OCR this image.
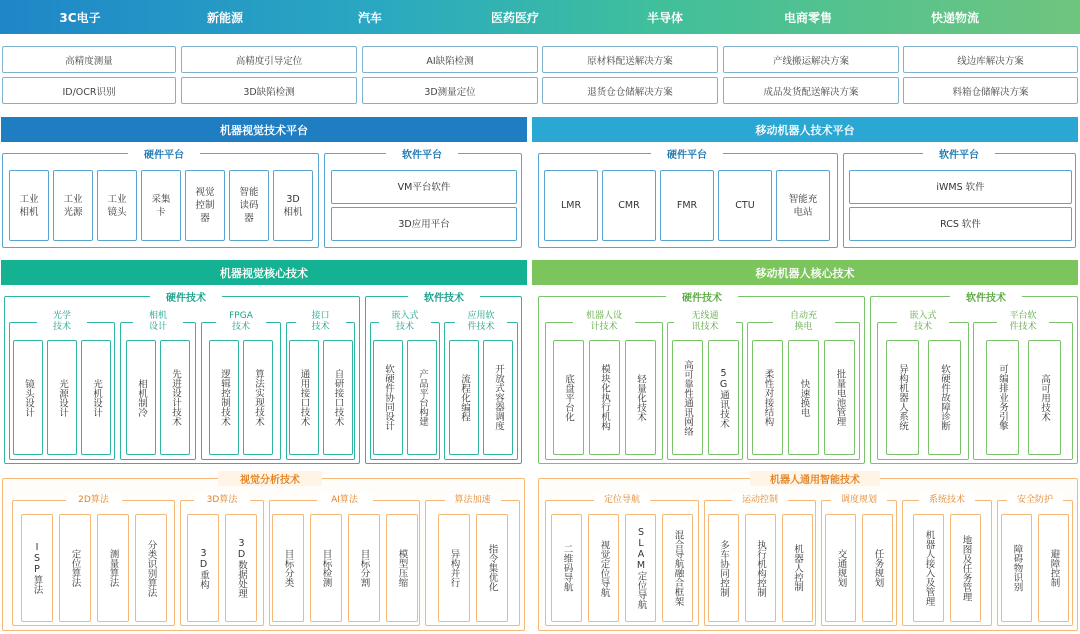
3C电子	新能源	汽车	医药医疗	半导体	电商零售	快递物流
高精度测量	高精度引导定位	AI缺陷检测	原材料配送解决方案	产线搬运解决方案	线边库解决方案
ID/OCR识别	3D缺陷检测	3D测量定位	退货仓仓储解决方案	成品发货配送解决方案	料箱仓储解决方案
机器视觉技术平台	移动机器人技术平台
硬件平台	软件平台
VM平台软件
3D应用平台
硬件平台	软件平台
iWMS 软件
RCS 软件
机器视觉核心技术	移动机器人核心技术
硬件技术	软件技术	硬件技术	软件技术
视觉分析技术	机器人通用智能技术
工业
相机
工业
光源
工业
镜头
采集
卡
视觉
控制
器
智能
读码
器
3D
相机
LMR	CMR	FMR	CTU
智能充
电站
光学
技术
镜头设计	光源设计	光机设计
相机
设计
相机制冷	先进设计技术
FPGA
技术
逻辑控制技术	算法实现技术
接口
技术
通用接口技术	自研接口技术
嵌入式
技术
软硬件协同设计	产品平台构建
应用软
件技术
流程化编程	开放式容器调度
机器人设
计技术
底盘平台化	模块化执行机构	轻量化技术
无线通
讯技术
高可靠性通讯网络	5G通讯技术
自动充
换电
柔性对接结构	快速换电	批量电池管理
嵌入式
技术
异构机器人系统	软硬件故障诊断
平台软
件技术
可编排业务引擎	高可用技术
2D算法
ISP算法	定位算法	测量算法	分类识别算法
3D算法
3D重构	3D数据处理
AI算法
目标分类	目标检测	目标分割	模型压缩
算法加速
异构并行	指令集优化
定位导航
二维码导航	视觉定位导航	SLAM定位导航	混合导航融合框架
运动控制
多车协同控制	执行机构控制	机器人控制
调度规划
交通规划	任务规划
系统技术
机器人接入及管理	地图及任务管理
安全防护
障碍物识别	避障控制
